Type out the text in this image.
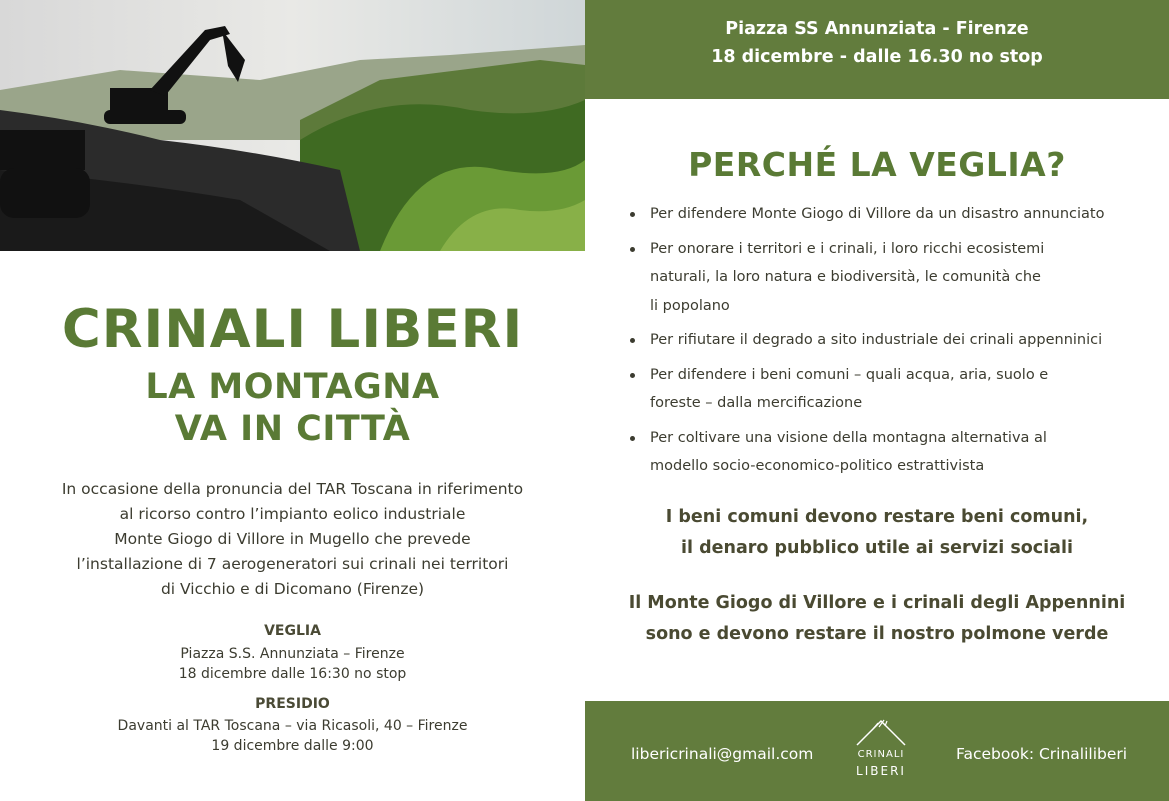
CRINALI LIBERI
LA MONTAGNA
VA IN CITTÀ
In occasione della pronuncia del TAR Toscana in riferimento
al ricorso contro l’impianto eolico industriale
Monte Giogo di Villore in Mugello che prevede
l’installazione di 7 aerogeneratori sui crinali nei territori
di Vicchio e di Dicomano (Firenze)
VEGLIA
Piazza S.S. Annunziata – Firenze
18 dicembre dalle 16:30 no stop
PRESIDIO
Davanti al TAR Toscana – via Ricasoli, 40 – Firenze
19 dicembre dalle 9:00
Piazza SS Annunziata - Firenze
18 dicembre - dalle 16.30 no stop
PERCHÉ LA VEGLIA?
Per difendere Monte Giogo di Villore da un disastro annunciato
Per onorare i territori e i crinali, i loro ricchi ecosistemi
naturali, la loro natura e biodiversità, le comunità che
li popolano
Per rifiutare il degrado a sito industriale dei crinali appenninici
Per difendere i beni comuni – quali acqua, aria, suolo e
foreste – dalla mercificazione
Per coltivare una visione della montagna alternativa al
modello socio-economico-politico estrattivista
I beni comuni devono restare beni comuni,
il denaro pubblico utile ai servizi sociali
Il Monte Giogo di Villore e i crinali degli Appennini
sono e devono restare il nostro polmone verde
libericrinali@gmail.com	CRINALI
LIBERI
Facebook: Crinaliliberi
